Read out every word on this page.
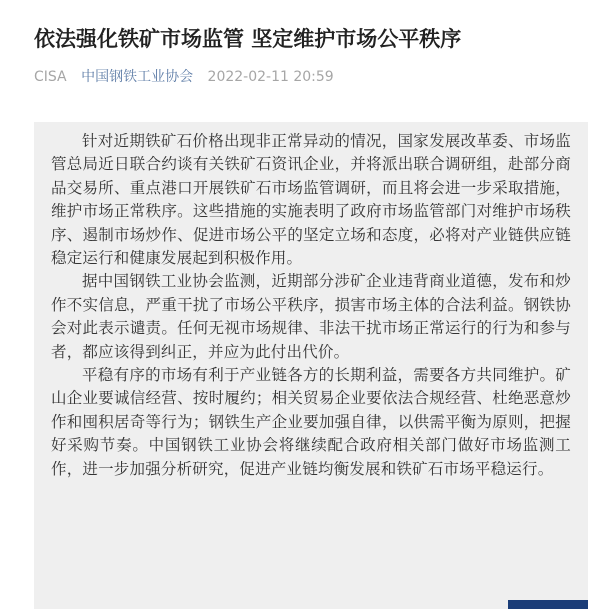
依法强化铁矿市场监管 坚定维护市场公平秩序
CISA 中国钢铁工业协会 2022-02-11 20:59

针对近期铁矿石价格出现非正常异动的情况，国家发展改革委、市场监管总局近日联合约谈有关铁矿石资讯企业，并将派出联合调研组，赴部分商品交易所、重点港口开展铁矿石市场监管调研，而且将会进一步采取措施，维护市场正常秩序。这些措施的实施表明了政府市场监管部门对维护市场秩序、遏制市场炒作、促进市场公平的坚定立场和态度，必将对产业链供应链稳定运行和健康发展起到积极作用。

据中国钢铁工业协会监测，近期部分涉矿企业违背商业道德，发布和炒作不实信息，严重干扰了市场公平秩序，损害市场主体的合法利益。钢铁协会对此表示谴责。任何无视市场规律、非法干扰市场正常运行的行为和参与者，都应该得到纠正，并应为此付出代价。

平稳有序的市场有利于产业链各方的长期利益，需要各方共同维护。矿山企业要诚信经营、按时履约；相关贸易企业要依法合规经营、杜绝恶意炒作和囤积居奇等行为；钢铁生产企业要加强自律，以供需平衡为原则，把握好采购节奏。中国钢铁工业协会将继续配合政府相关部门做好市场监测工作，进一步加强分析研究，促进产业链均衡发展和铁矿石市场平稳运行。
